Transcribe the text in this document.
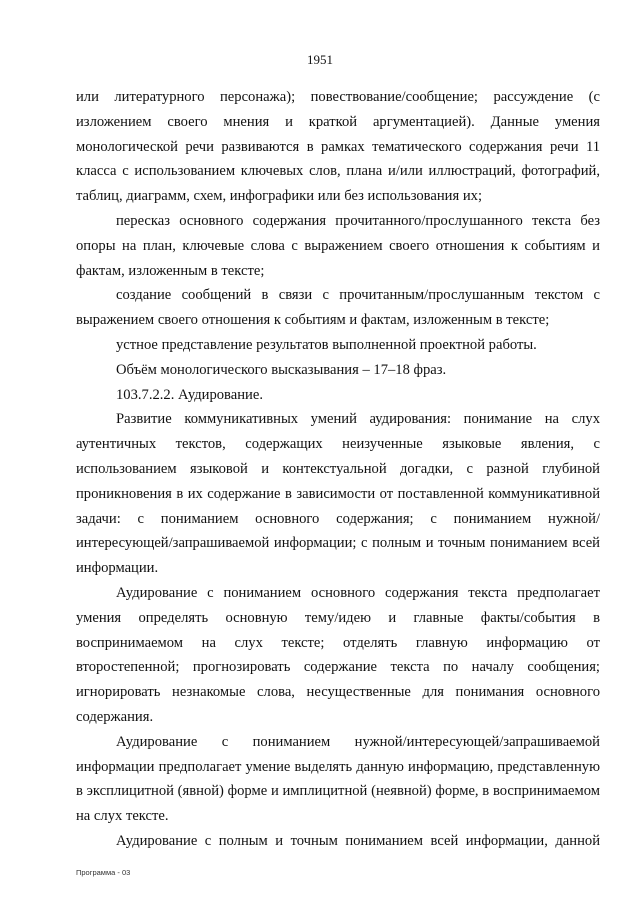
1951

или литературного персонажа); повествование/сообщение; рассуждение (с изложением своего мнения и краткой аргументацией). Данные умения монологической речи развиваются в рамках тематического содержания речи 11 класса с использованием ключевых слов, плана и/или иллюстраций, фотографий, таблиц, диаграмм, схем, инфографики или без использования их;

пересказ основного содержания прочитанного/прослушанного текста без опоры на план, ключевые слова с выражением своего отношения к событиям и фактам, изложенным в тексте;

создание сообщений в связи с прочитанным/прослушанным текстом с выражением своего отношения к событиям и фактам, изложенным в тексте;

устное представление результатов выполненной проектной работы.

Объём монологического высказывания – 17–18 фраз.

103.7.2.2. Аудирование.

Развитие коммуникативных умений аудирования: понимание на слух аутентичных текстов, содержащих неизученные языковые явления, с использованием языковой и контекстуальной догадки, с разной глубиной проникновения в их содержание в зависимости от поставленной коммуникативной задачи: с пониманием основного содержания; с пониманием нужной/ интересующей/запрашиваемой информации; с полным и точным пониманием всей информации.

Аудирование с пониманием основного содержания текста предполагает умения определять основную тему/идею и главные факты/события в воспринимаемом на слух тексте; отделять главную информацию от второстепенной; прогнозировать содержание текста по началу сообщения; игнорировать незнакомые слова, несущественные для понимания основного содержания.

Аудирование с пониманием нужной/интересующей/запрашиваемой информации предполагает умение выделять данную информацию, представленную в эксплицитной (явной) форме и имплицитной (неявной) форме, в воспринимаемом на слух тексте.

Аудирование с полным и точным пониманием всей информации, данной

Программа - 03
